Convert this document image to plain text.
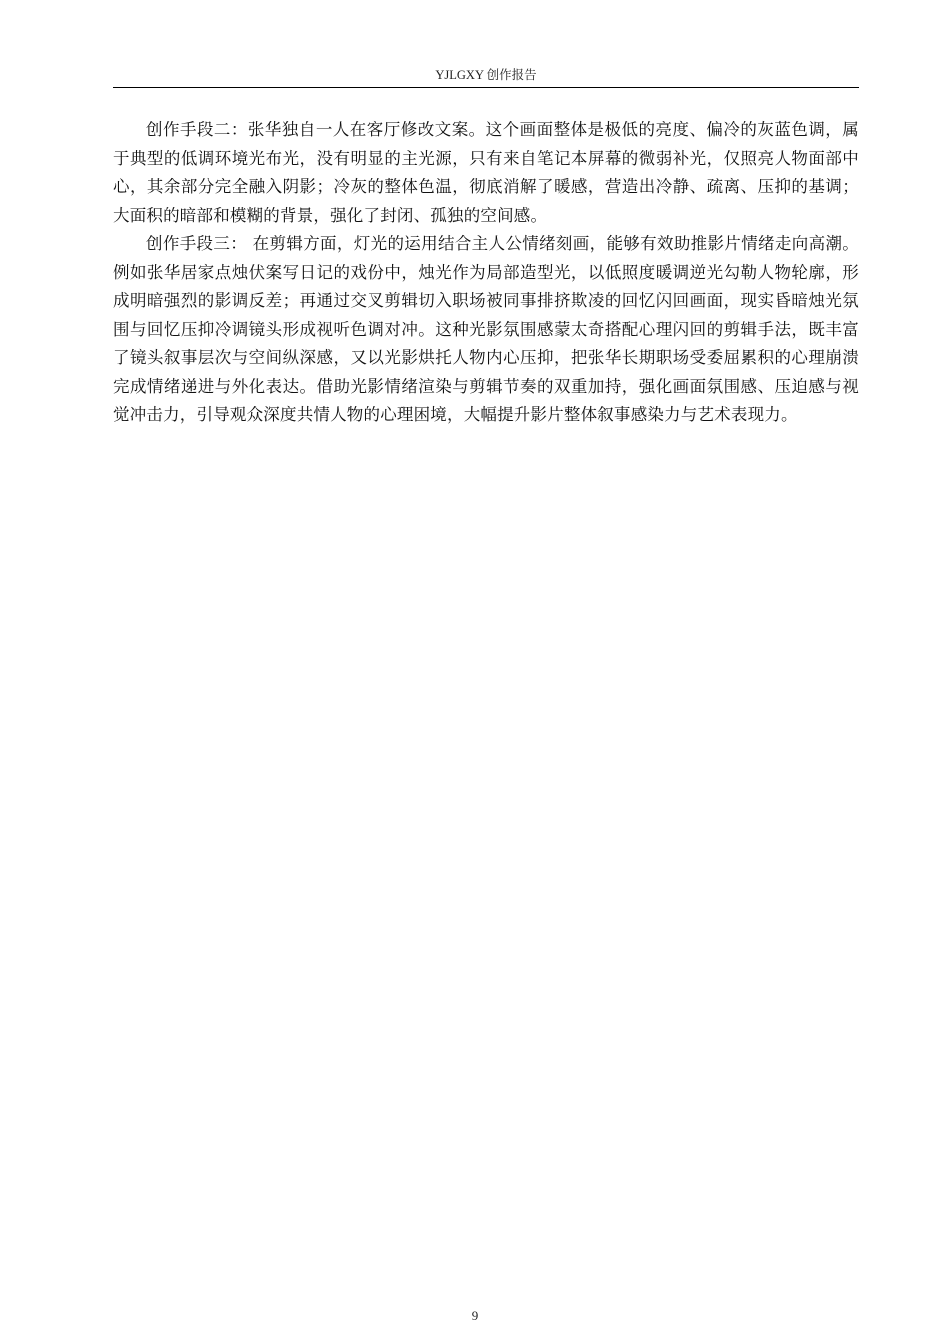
YJLGXY 创作报告

创作手段二：张华独自一人在客厅修改文案。这个画面整体是极低的亮度、偏冷的灰蓝色调，属于典型的低调环境光布光，没有明显的主光源，只有来自笔记本屏幕的微弱补光，仅照亮人物面部中心，其余部分完全融入阴影；冷灰的整体色温，彻底消解了暖感，营造出冷静、疏离、压抑的基调；大面积的暗部和模糊的背景，强化了封闭、孤独的空间感。

创作手段三： 在剪辑方面，灯光的运用结合主人公情绪刻画，能够有效助推影片情绪走向高潮。例如张华居家点烛伏案写日记的戏份中，烛光作为局部造型光，以低照度暖调逆光勾勒人物轮廓，形成明暗强烈的影调反差；再通过交叉剪辑切入职场被同事排挤欺凌的回忆闪回画面，现实昏暗烛光氛围与回忆压抑冷调镜头形成视听色调对冲。这种光影氛围感蒙太奇搭配心理闪回的剪辑手法，既丰富了镜头叙事层次与空间纵深感，又以光影烘托人物内心压抑，把张华长期职场受委屈累积的心理崩溃完成情绪递进与外化表达。借助光影情绪渲染与剪辑节奏的双重加持，强化画面氛围感、压迫感与视觉冲击力，引导观众深度共情人物的心理困境，大幅提升影片整体叙事感染力与艺术表现力。

9
